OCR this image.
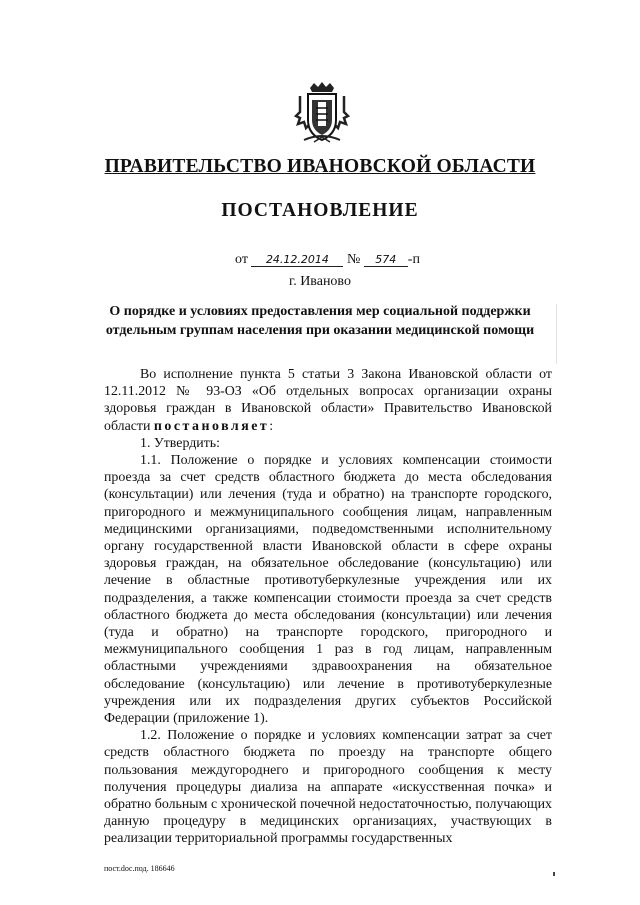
ПРАВИТЕЛЬСТВО ИВАНОВСКОЙ ОБЛАСТИ
ПОСТАНОВЛЕНИЕ
от 24.12.2014 № 574 -п
г. Иваново
О порядке и условиях предоставления мер социальной поддержки
отдельным группам населения при оказании медицинской помощи

Во исполнение пункта 5 статьи 3 Закона Ивановской области от 12.11.2012 № 93-ОЗ «Об отдельных вопросах организации охраны здоровья граждан в Ивановской области» Правительство Ивановской области постановляет:

1. Утвердить:

1.1. Положение о порядке и условиях компенсации стоимости проезда за счет средств областного бюджета до места обследования (консультации) или лечения (туда и обратно) на транспорте городского, пригородного и межмуниципального сообщения лицам, направленным медицинскими организациями, подведомственными исполнительному органу государственной власти Ивановской области в сфере охраны здоровья граждан, на обязательное обследование (консультацию) или лечение в областные противотуберкулезные учреждения или их подразделения, а также компенсации стоимости проезда за счет средств областного бюджета до места обследования (консультации) или лечения (туда и обратно) на транспорте городского, пригородного и межмуниципального сообщения 1 раз в год лицам, направленным областными учреждениями здравоохранения на обязательное обследование (консультацию) или лечение в противотуберкулезные учреждения или их подразделения других субъектов Российской Федерации (приложение 1).

1.2. Положение о порядке и условиях компенсации затрат за счет средств областного бюджета по проезду на транспорте общего пользования междугороднего и пригородного сообщения к месту получения процедуры диализа на аппарате «искусственная почка» и обратно больным с хронической почечной недостаточностью, получающих данную процедуру в медицинских организациях, участвующих в реализации территориальной программы государственных

пост.doc.под. 186646
